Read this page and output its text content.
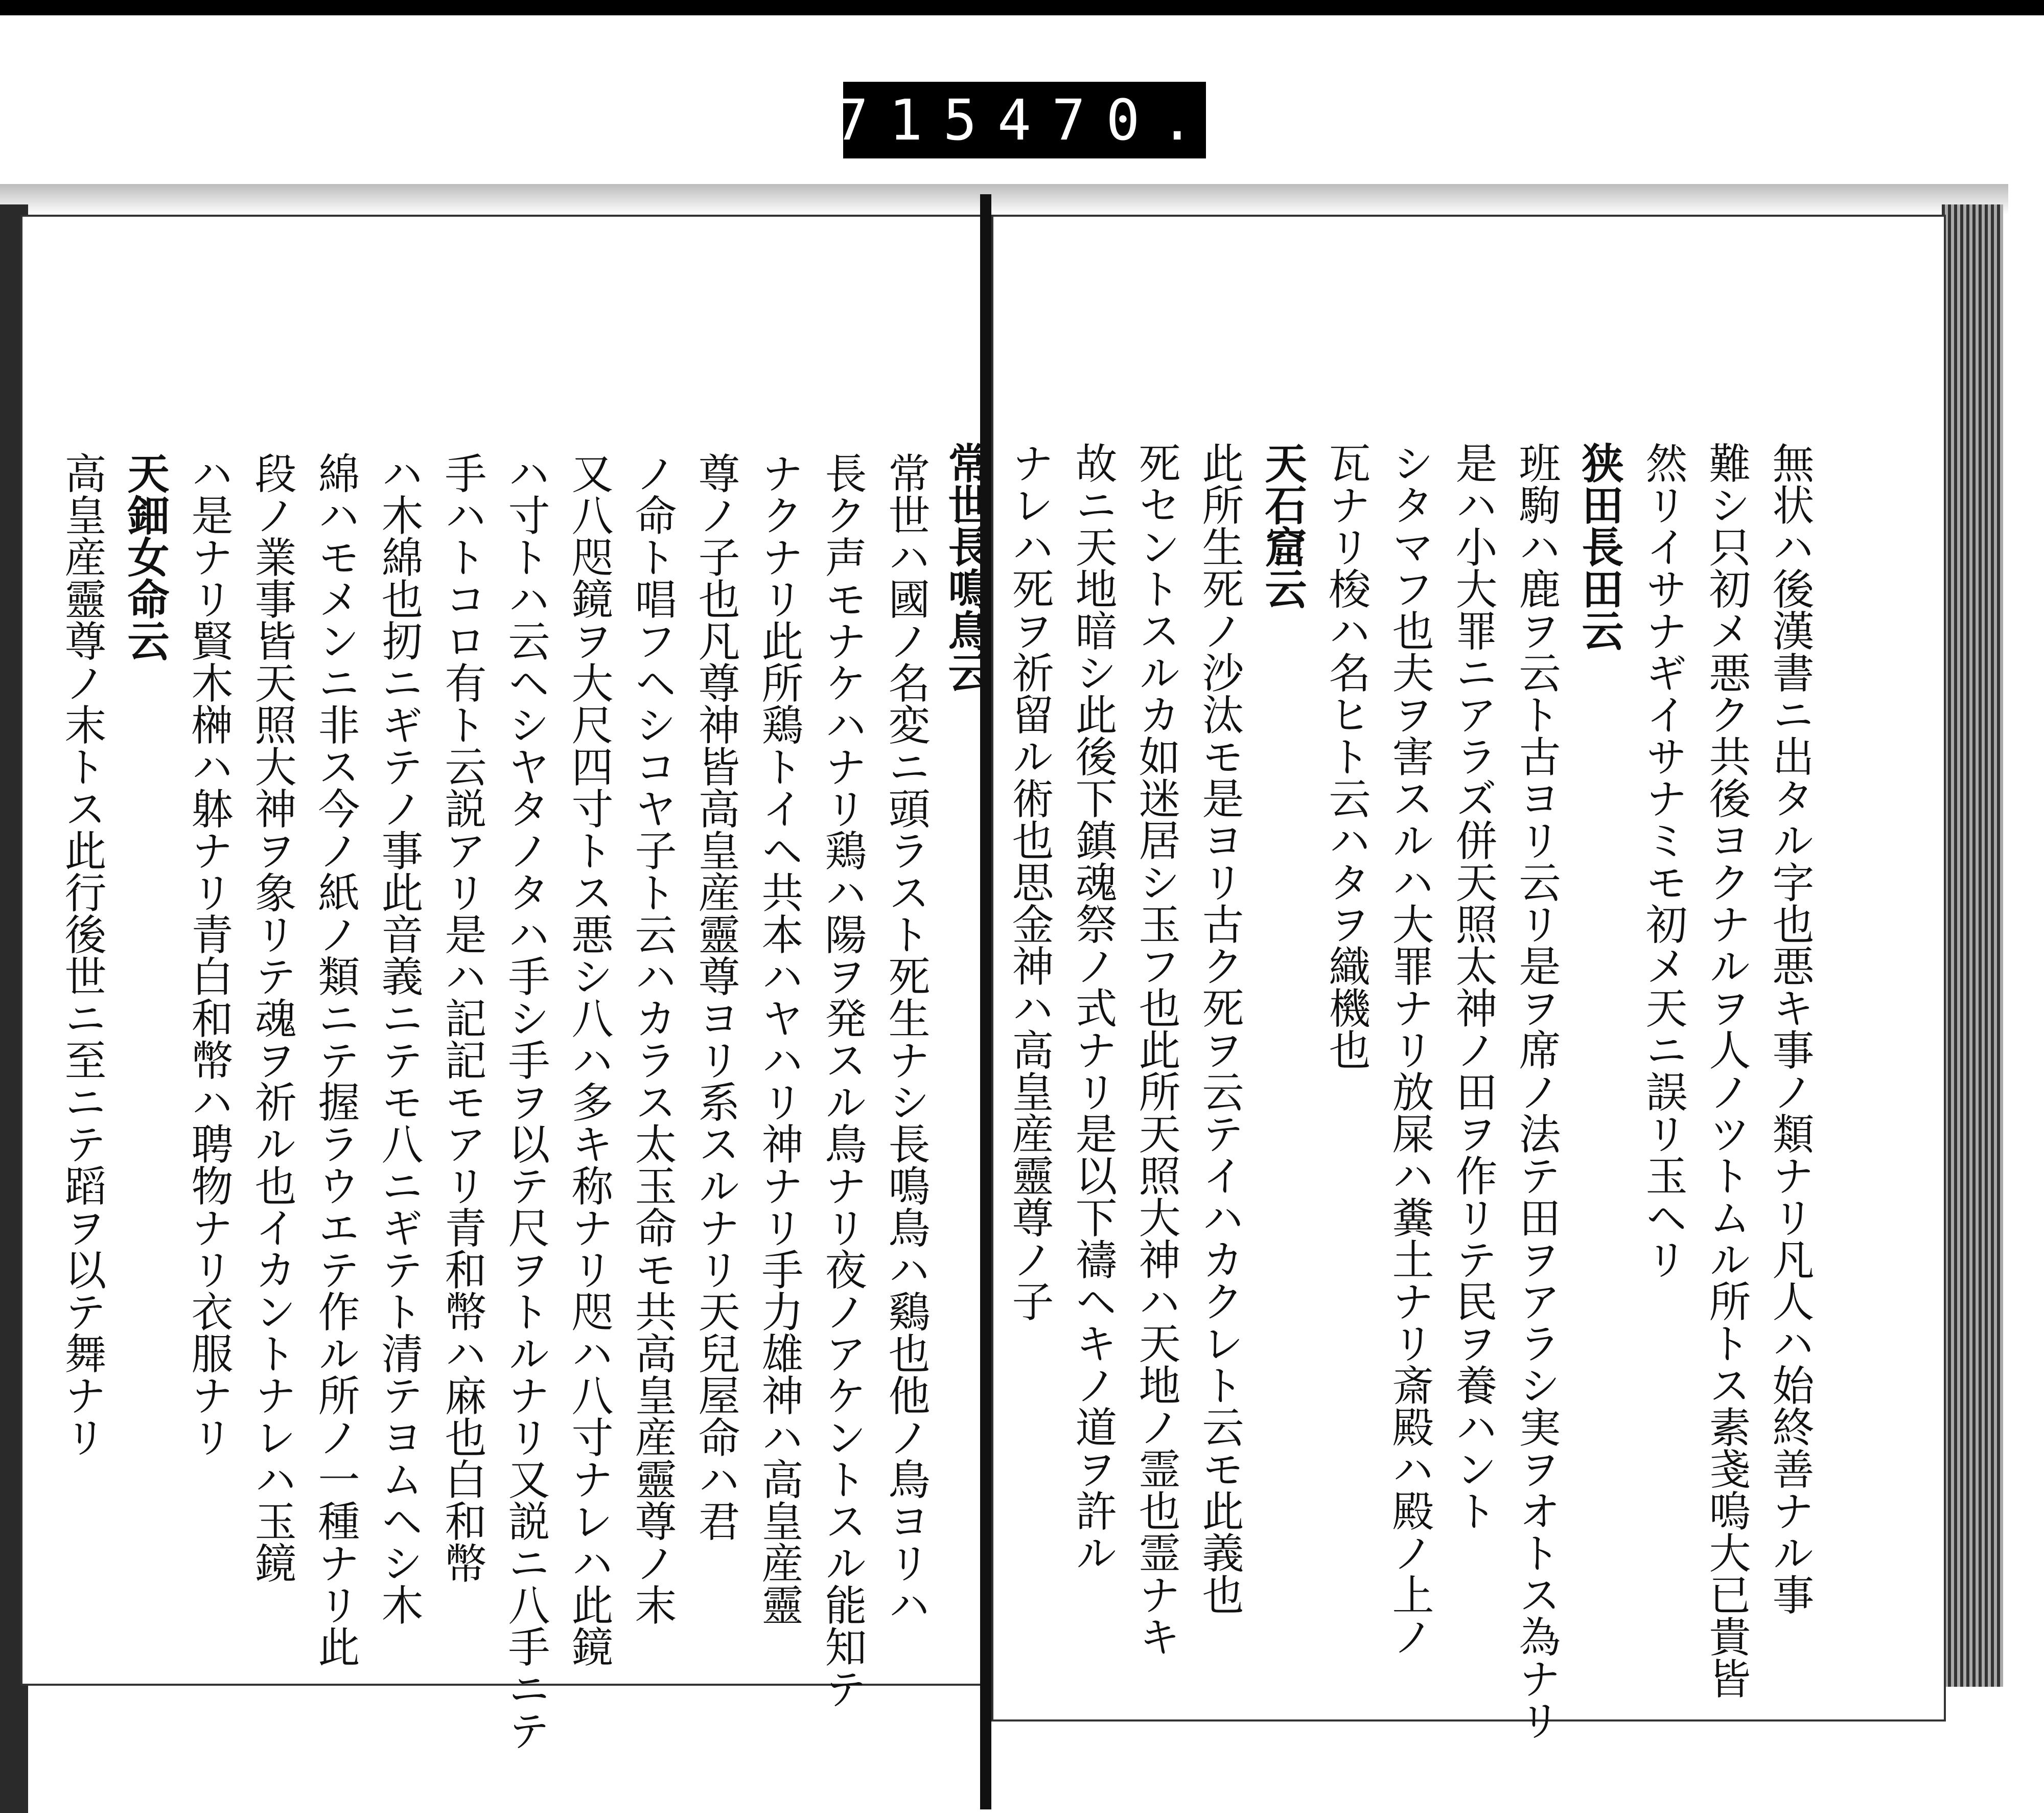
715 470.
常世ハ國ノ名変ニ頭ラスト死生ナシ長鳴鳥ハ鷄也他ノ鳥ヨリハ
長ク声モナケハナリ鶏ハ陽ヲ発スル鳥ナリ夜ノアケントスル能知テ
ナクナリ此所鶏トイヘ共本ハヤハリ神ナリ手力雄神ハ高皇産靈
尊ノ子也凡尊神皆高皇産靈尊ヨリ系スルナリ天兒屋命ハ君
ノ命ト唱フヘシコヤ子ト云ハカラス太玉命モ共高皇産靈尊ノ末
又八咫鏡ヲ大尺四寸トス悪シ八ハ多キ称ナリ咫ハ八寸ナレハ此鏡
ハ寸トハ云ヘシヤタノタハ手シ手ヲ以テ尺ヲトルナリ又説ニ八手ニテ
手ハトコロ有ト云説アリ是ハ記記モアリ青和幣ハ麻也白和幣
ハ木綿也扨ニギテノ事此音義ニテモ八ニギテト清テヨムヘシ木
綿ハモメンニ非ス今ノ紙ノ類ニテ握ラウエテ作ル所ノ一種ナリ此
段ノ業事皆天照大神ヲ象リテ魂ヲ祈ル也イカントナレハ玉鏡
ハ是ナリ賢木榊ハ躰ナリ青白和幣ハ聘物ナリ衣服ナリ
天鈿女命云
高皇産靈尊ノ末トス此行後世ニ至ニテ蹈ヲ以テ舞ナリ	無状ハ後漢書ニ出タル字也悪キ事ノ類ナリ凡人ハ始終善ナル事
難シ只初メ悪ク共後ヨクナルヲ人ノツトムル所トス素戔嗚大已貴皆
然リイサナギイサナミモ初メ天ニ誤リ玉ヘリ
狭田長田云
班駒ハ鹿ヲ云ト古ヨリ云リ是ヲ席ノ法テ田ヲアラシ実ヲオトス為ナリ
是ハ小大罪ニアラズ併天照太神ノ田ヲ作リテ民ヲ養ハント
シタマフ也夫ヲ害スルハ大罪ナリ放屎ハ糞土ナリ斎殿ハ殿ノ上ノ
瓦ナリ梭ハ名ヒト云ハタヲ織機也
天石窟云
此所生死ノ沙汰モ是ヨリ古ク死ヲ云テイハカクレト云モ此義也
死セントスルカ如迷居シ玉フ也此所天照大神ハ天地ノ霊也霊ナキ
故ニ天地暗シ此後下鎮魂祭ノ式ナリ是以下禱ヘキノ道ヲ許ル
ナレハ死ヲ祈留ル術也思金神ハ高皇産靈尊ノ子
常世長鳴鳥云
